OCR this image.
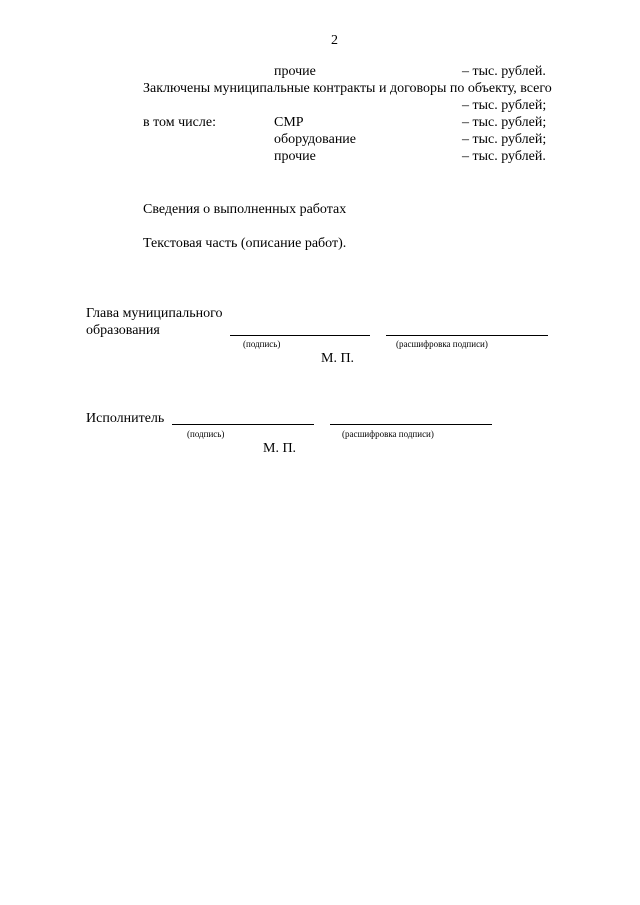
2
прочие	– тыс. рублей.
Заключены муниципальные контракты и договоры по объекту, всего
– тыс. рублей;
в том числе:	СМР	– тыс. рублей;
оборудование	– тыс. рублей;
прочие	– тыс. рублей.
Сведения о выполненных работах
Текстовая часть (описание работ).
Главa муниципального
образования
(подпись)	(расшифровка подписи)
М. П.
Исполнитель
(подпись)	(расшифровка подписи)
М. П.
